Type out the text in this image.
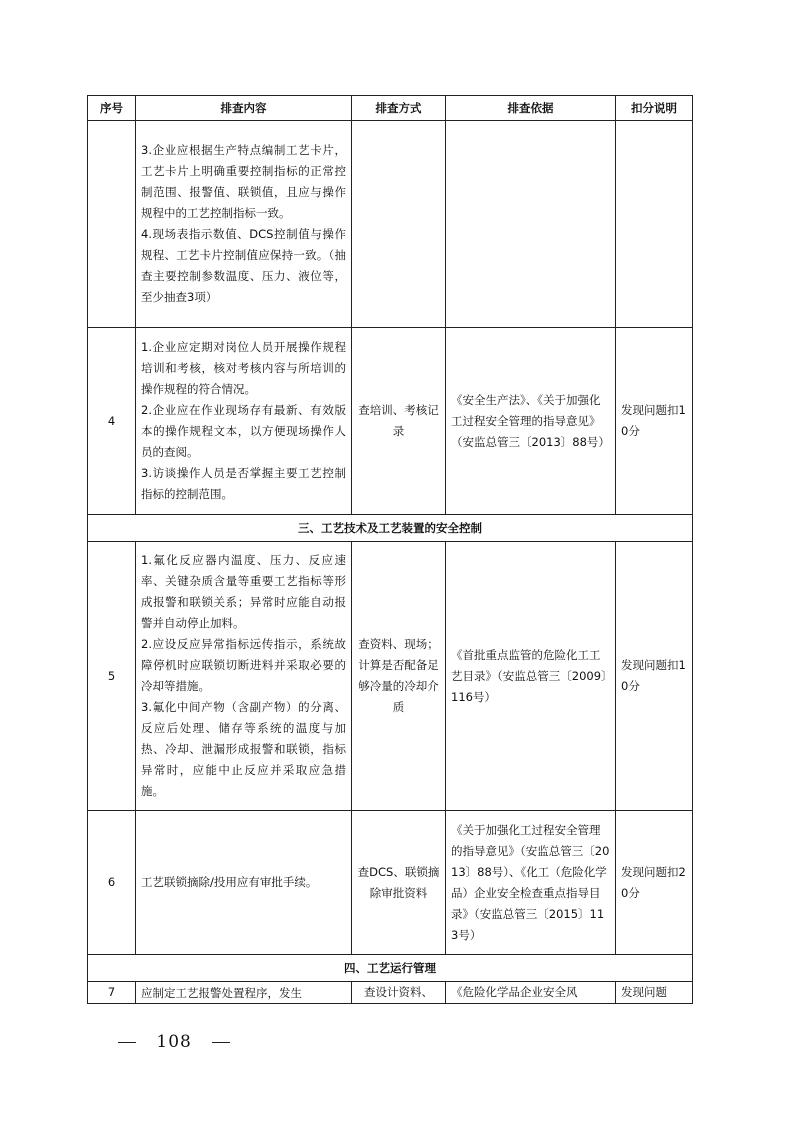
序号	排查内容	排查方式	排查依据	扣分说明

	3.企业应根据生产特点编制工艺卡片，工艺卡片上明确重要控制指标的正常控制范围、报警值、联锁值，且应与操作规程中的工艺控制指标一致。
4.现场表指示数值、DCS控制值与操作规程、工艺卡片控制值应保持一致。（抽查主要控制参数温度、压力、液位等，至少抽查3项）			

4	1.企业应定期对岗位人员开展操作规程培训和考核，核对考核内容与所培训的操作规程的符合情况。
2.企业应在作业现场存有最新、有效版本的操作规程文本，以方便现场操作人员的查阅。
3.访谈操作人员是否掌握主要工艺控制指标的控制范围。	查培训、考核记录	《安全生产法》、《关于加强化工过程安全管理的指导意见》（安监总管三〔2013〕88号）	发现问题扣10分
三、工艺技术及工艺装置的安全控制				
5	1.氟化反应器内温度、压力、反应速率、关键杂质含量等重要工艺指标等形成报警和联锁关系；异常时应能自动报警并自动停止加料。
2.应设反应异常指标远传指示，系统故障停机时应联锁切断进料并采取必要的冷却等措施。
3.氟化中间产物（含副产物）的分离、反应后处理、储存等系统的温度与加热、冷却、泄漏形成报警和联锁，指标异常时，应能中止反应并采取应急措施。	查资料、现场；计算是否配备足够冷量的冷却介质	《首批重点监管的危险化工工艺目录》（安监总管三〔2009〕116号）	发现问题扣10分
6	工艺联锁摘除/投用应有审批手续。	查DCS、联锁摘除审批资料	《关于加强化工过程安全管理的指导意见》（安监总管三〔2013〕88号）、《化工（危险化学品）企业安全检查重点指导目录》（安监总管三〔2015〕113号）	发现问题扣20分
四、工艺运行管理				
7	应制定工艺报警处置程序，发生	查设计资料、	《危险化学品企业安全风	发现问题
108
